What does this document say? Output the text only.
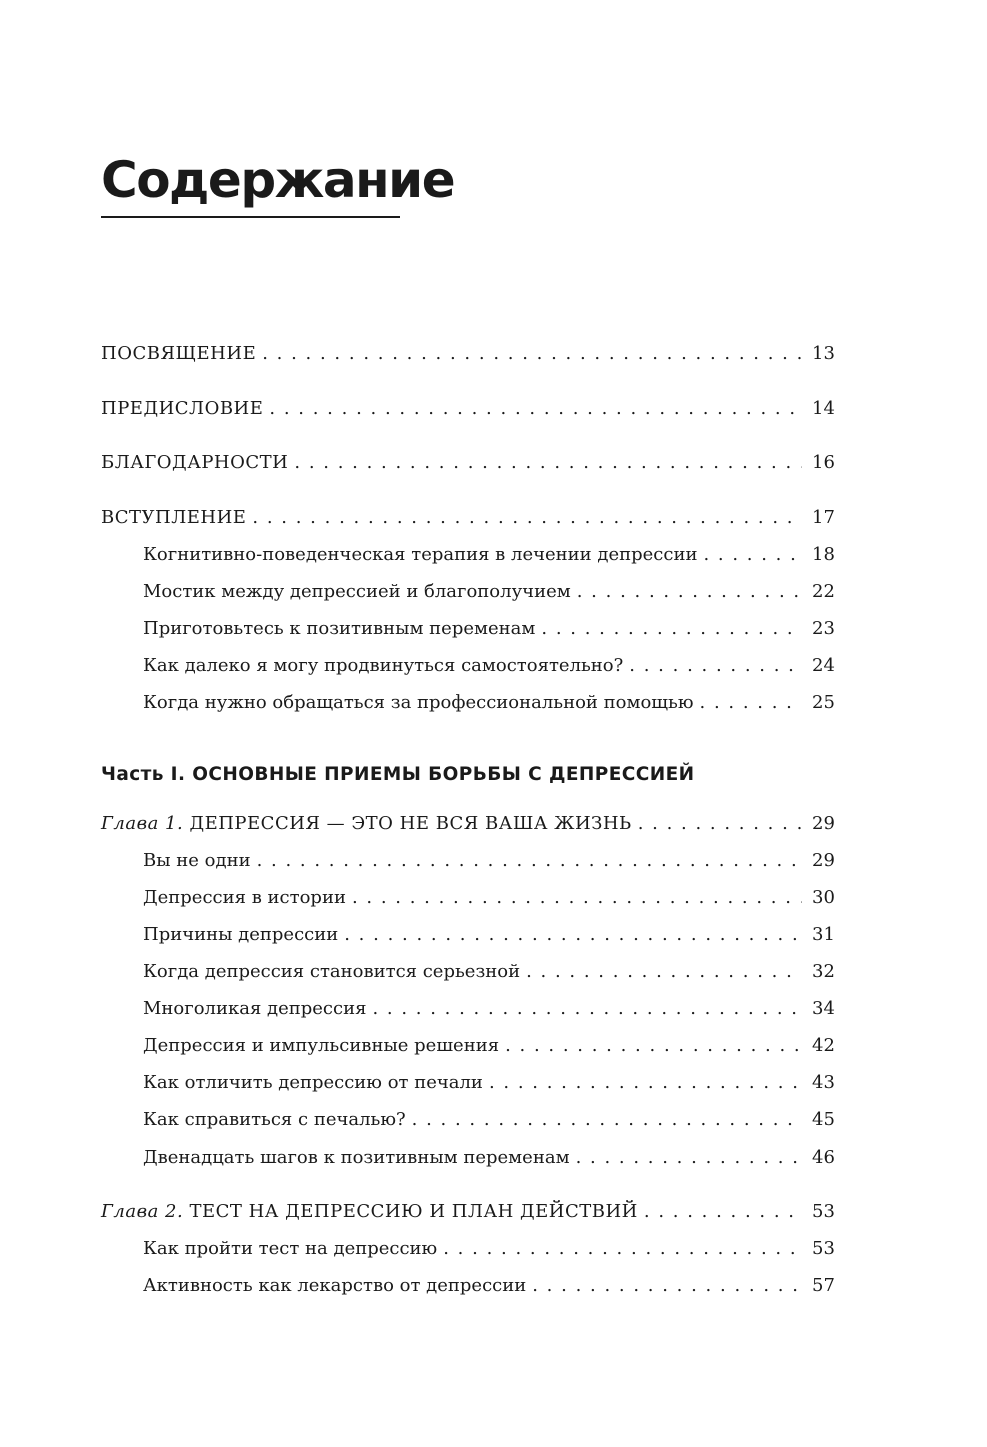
Содержание
ПОСВЯЩЕНИЕ . . .	13
ПРЕДИСЛОВИЕ . . .	14
БЛАГОДАРНОСТИ . . .	16
ВСТУПЛЕНИЕ . . .	17
Когнитивно-поведенческая терапия в лечении депрессии . . .	18
Мостик между депрессией и благополучием . . .	22
Приготовьтесь к позитивным переменам . . .	23
Как далеко я могу продвинуться самостоятельно? . . .	24
Когда нужно обращаться за профессиональной помощью . . .	25
Часть I. ОСНОВНЫЕ ПРИЕМЫ БОРЬБЫ С ДЕПРЕССИЕЙ
Глава 1. ДЕПРЕССИЯ — ЭТО НЕ ВСЯ ВАША ЖИЗНЬ . . .	29
Вы не одни . . .	29
Депрессия в истории . . .	30
Причины депрессии . . .	31
Когда депрессия становится серьезной . . .	32
Многоликая депрессия . . .	34
Депрессия и импульсивные решения . . .	42
Как отличить депрессию от печали . . .	43
Как справиться с печалью? . . .	45
Двенадцать шагов к позитивным переменам . . .	46
Глава 2. ТЕСТ НА ДЕПРЕССИЮ И ПЛАН ДЕЙСТВИЙ . . .	53
Как пройти тест на депрессию . . .	53
Активность как лекарство от депрессии . . .	57
